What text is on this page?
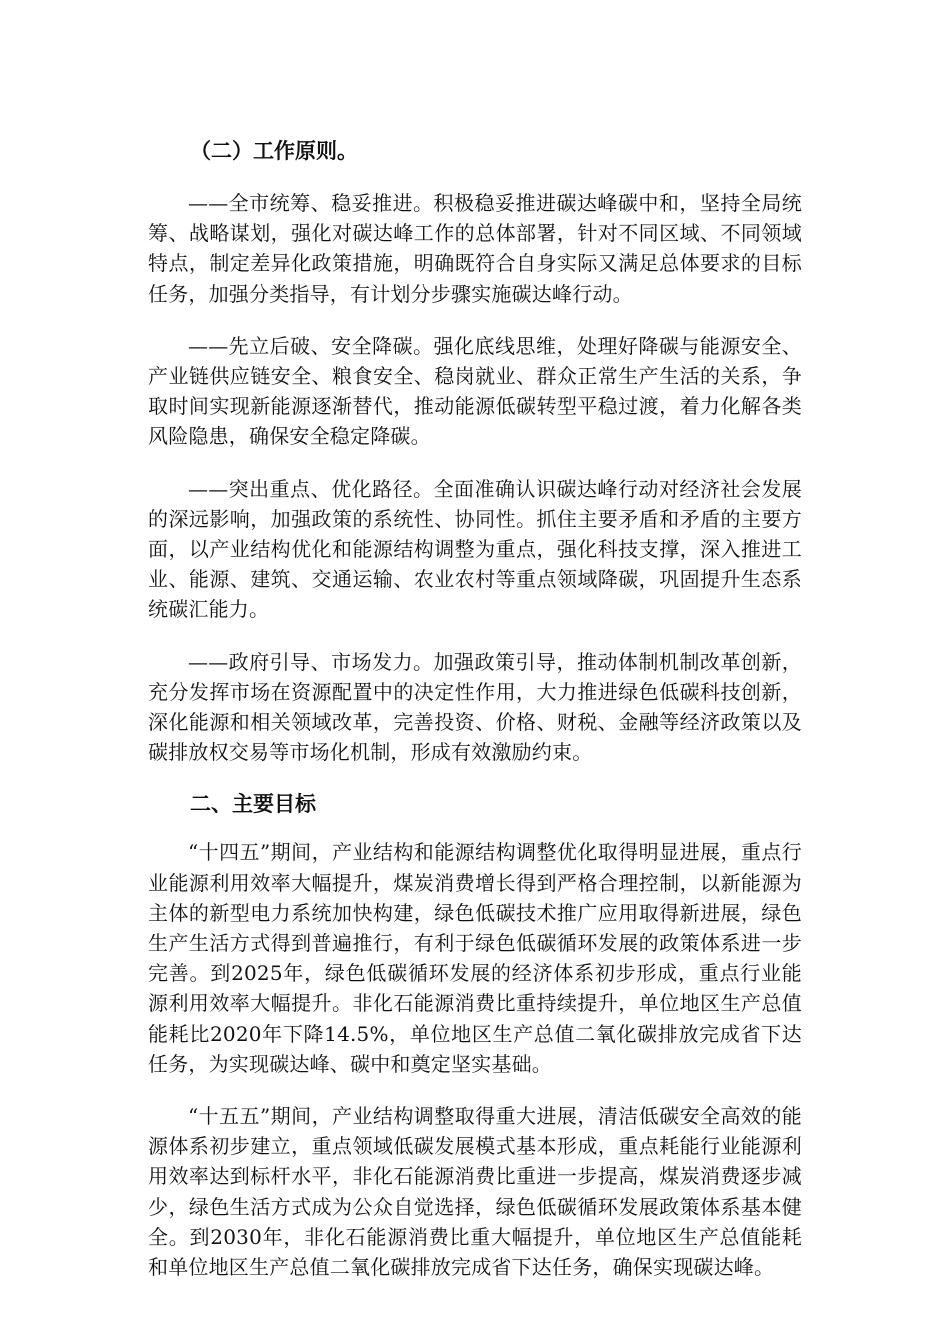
（二）工作原则。

——全市统筹、稳妥推进。积极稳妥推进碳达峰碳中和，坚持全局统筹、战略谋划，强化对碳达峰工作的总体部署，针对不同区域、不同领域特点，制定差异化政策措施，明确既符合自身实际又满足总体要求的目标任务，加强分类指导，有计划分步骤实施碳达峰行动。

——先立后破、安全降碳。强化底线思维，处理好降碳与能源安全、产业链供应链安全、粮食安全、稳岗就业、群众正常生产生活的关系，争取时间实现新能源逐渐替代，推动能源低碳转型平稳过渡，着力化解各类风险隐患，确保安全稳定降碳。

——突出重点、优化路径。全面准确认识碳达峰行动对经济社会发展的深远影响，加强政策的系统性、协同性。抓住主要矛盾和矛盾的主要方面，以产业结构优化和能源结构调整为重点，强化科技支撑，深入推进工业、能源、建筑、交通运输、农业农村等重点领域降碳，巩固提升生态系统碳汇能力。

——政府引导、市场发力。加强政策引导，推动体制机制改革创新，充分发挥市场在资源配置中的决定性作用，大力推进绿色低碳科技创新，深化能源和相关领域改革，完善投资、价格、财税、金融等经济政策以及碳排放权交易等市场化机制，形成有效激励约束。

二、主要目标

“十四五”期间，产业结构和能源结构调整优化取得明显进展，重点行业能源利用效率大幅提升，煤炭消费增长得到严格合理控制，以新能源为主体的新型电力系统加快构建，绿色低碳技术推广应用取得新进展，绿色生产生活方式得到普遍推行，有利于绿色低碳循环发展的政策体系进一步完善。到2025年，绿色低碳循环发展的经济体系初步形成，重点行业能源利用效率大幅提升。非化石能源消费比重持续提升，单位地区生产总值能耗比2020年下降14.5%，单位地区生产总值二氧化碳排放完成省下达任务，为实现碳达峰、碳中和奠定坚实基础。

“十五五”期间，产业结构调整取得重大进展，清洁低碳安全高效的能源体系初步建立，重点领域低碳发展模式基本形成，重点耗能行业能源利用效率达到标杆水平，非化石能源消费比重进一步提高，煤炭消费逐步减少，绿色生活方式成为公众自觉选择，绿色低碳循环发展政策体系基本健全。到2030年，非化石能源消费比重大幅提升，单位地区生产总值能耗和单位地区生产总值二氧化碳排放完成省下达任务，确保实现碳达峰。
